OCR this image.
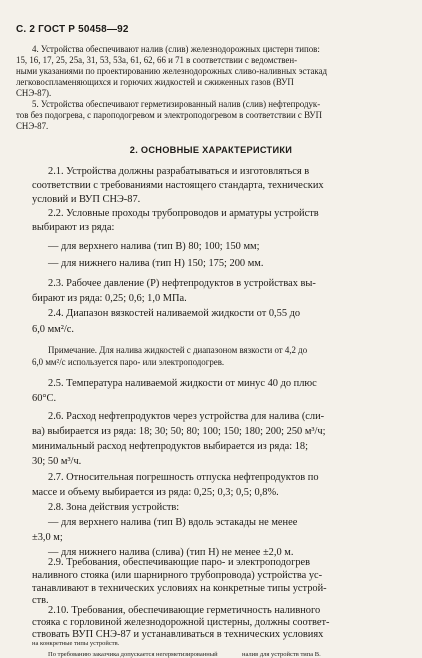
С. 2 ГОСТ Р 50458—92
4. Устройства обеспечивают налив (слив) железнодорожных цистерн типов:
15, 16, 17, 25, 25а, 31, 53, 53а, 61, 62, 66 и 71 в соответствии с ведомствен-
ными указаниями по проектированию железнодорожных сливо-наливных эстакад
легковоспламеняющихся и горючих жидкостей и сжиженных газов (ВУП
СНЭ-87).
5. Устройства обеспечивают герметизированный налив (слив) нефтепродук-
тов без подогрева, с пароподогревом и электроподогревом в соответствии с ВУП
СНЭ-87.
2. ОСНОВНЫЕ ХАРАКТЕРИСТИКИ
2.1. Устройства должны разрабатываться и изготовляться в
соответствии с требованиями настоящего стандарта, технических
условий и ВУП СНЭ-87.
2.2. Условные проходы трубопроводов и арматуры устройств
выбирают из ряда:
— для верхнего налива (тип В) 80; 100; 150 мм;
— для нижнего налива (тип Н) 150; 175; 200 мм.
2.3. Рабочее давление (Р) нефтепродуктов в устройствах вы-
бирают из ряда: 0,25; 0,6; 1,0 МПа.
2.4. Диапазон вязкостей наливаемой жидкости от 0,55 до
6,0 мм²/с.
Примечание. Для налива жидкостей с диапазоном вязкости от 4,2 до
6,0 мм²/с используется паро- или электроподогрев.
2.5. Температура наливаемой жидкости от минус 40 до плюс
60°С.
2.6. Расход нефтепродуктов через устройства для налива (сли-
ва) выбирается из ряда: 18; 30; 50; 80; 100; 150; 180; 200; 250 м³/ч;
минимальный расход нефтепродуктов выбирается из ряда: 18;
30; 50 м³/ч.
2.7. Относительная погрешность отпуска нефтепродуктов по
массе и объему выбирается из ряда: 0,25; 0,3; 0,5; 0,8%.
2.8. Зона действия устройств:
— для верхнего налива (тип В) вдоль эстакады не менее
±3,0 м;
— для нижнего налива (слива) (тип Н) не менее ±2,0 м.
2.9. Требования, обеспечивающие паро- и электроподогрев
наливного стояка (или шарнирного трубопровода) устройства ус-
танавливают в технических условиях на конкретные типы устрой-
ств.
2.10. Требования, обеспечивающие герметичность наливного
стояка с горловиной железнодорожной цистерны, должны соответ-
ствовать ВУП СНЭ-87 и устанавливаться в технических условиях
на конкретные типы устройств.
По требованию заказчика допускается негерметизированный	налив для устройств типа В.
